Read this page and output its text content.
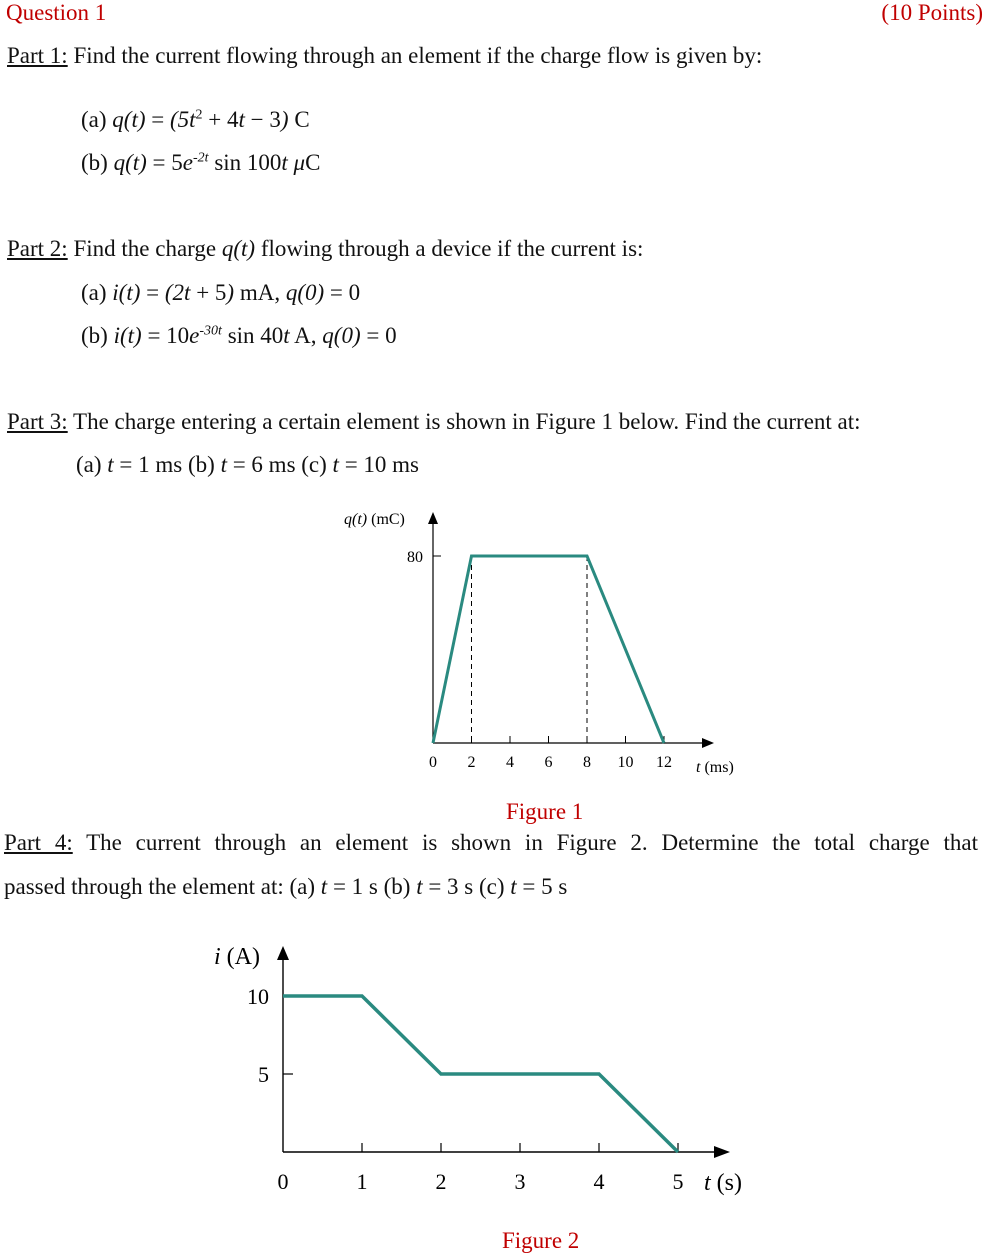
Question 1	(10 Points)
Part 1: Find the current flowing through an element if the charge flow is given by:
(a) $q(t) = (5t^2 + 4t - 3)$ C
(b) $q(t) = 5e^{-2t}$ sin 100t μC
Part 2: Find the charge q(t) flowing through a device if the current is:
(a) i(t) = (2t + 5) mA, q(0) = 0
(b) $i(t) = 10e^{-30t}$ sin 40t A, q(0) = 0
Part 3: The charge entering a certain element is shown in Figure 1 below. Find the current at:
(a) t = 1 ms (b) t = 6 ms (c) t = 10 ms
q(t) (mC)
t (ms)
0 2 4 6 8 10 12
80
Figure 1
Part 4: The current through an element is shown in Figure 2. Determine the total charge that
passed through the element at: (a) t = 1 s (b) t = 3 s (c) t = 5 s
i (A)
t (s)
0	1	2	3	4	5
10
5
Figure 2
